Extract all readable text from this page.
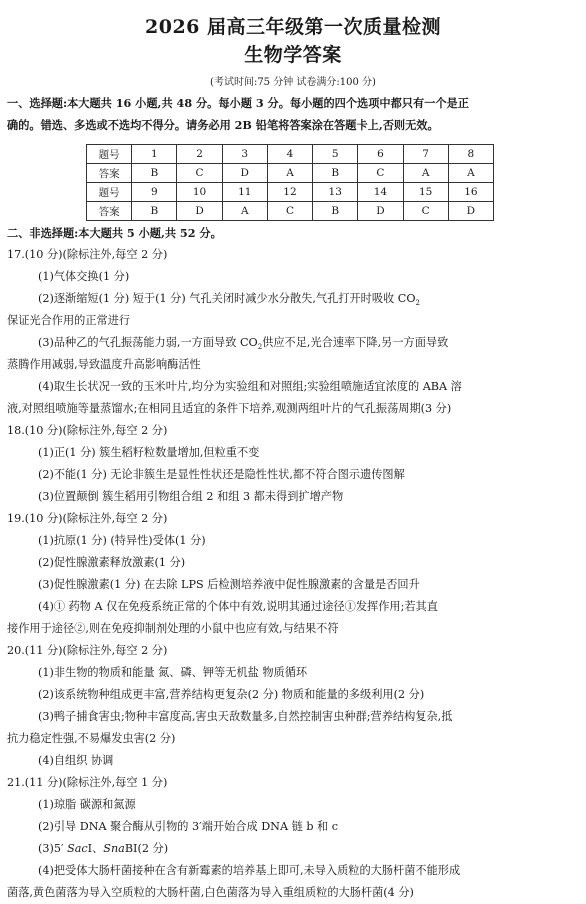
2026 届高三年级第一次质量检测
生物学答案
(考试时间:75 分钟 试卷满分:100 分)
一、选择题:本大题共 16 小题,共 48 分。每小题 3 分。每小题的四个选项中都只有一个是正
确的。错选、多选或不选均不得分。请务必用 2B 铅笔将答案涂在答题卡上,否则无效。
题号	1	2	3	4	5	6	7	8
答案	B	C	D	A	B	C	A	A
题号	9	10	11	12	13	14	15	16
答案	B	D	A	C	B	D	C	D
二、非选择题:本大题共 5 小题,共 52 分。
17.(10 分)(除标注外,每空 2 分)
(1)气体交换(1 分)
(2)逐渐缩短(1 分) 短于(1 分) 气孔关闭时减少水分散失,气孔打开时吸收 $CO_2$
保证光合作用的正常进行
(3)品种乙的气孔振荡能力弱,一方面导致 $CO_2$供应不足,光合速率下降,另一方面导致
蒸腾作用减弱,导致温度升高影响酶活性
(4)取生长状况一致的玉米叶片,均分为实验组和对照组;实验组喷施适宜浓度的 ABA 溶
液,对照组喷施等量蒸馏水;在相同且适宜的条件下培养,观测两组叶片的气孔振荡周期(3 分)
18.(10 分)(除标注外,每空 2 分)
(1)正(1 分) 簇生稻籽粒数量增加,但粒重不变
(2)不能(1 分) 无论非簇生是显性性状还是隐性性状,都不符合图示遗传图解
(3)位置颠倒 簇生稻用引物组合组 2 和组 3 都未得到扩增产物
19.(10 分)(除标注外,每空 2 分)
(1)抗原(1 分) (特异性)受体(1 分)
(2)促性腺激素释放激素(1 分)
(3)促性腺激素(1 分) 在去除 LPS 后检测培养液中促性腺激素的含量是否回升
(4)① 药物 A 仅在免疫系统正常的个体中有效,说明其通过途径①发挥作用;若其直
接作用于途径②,则在免疫抑制剂处理的小鼠中也应有效,与结果不符
20.(11 分)(除标注外,每空 2 分)
(1)非生物的物质和能量 氮、磷、钾等无机盐 物质循环
(2)该系统物种组成更丰富,营养结构更复杂(2 分) 物质和能量的多级利用(2 分)
(3)鸭子捕食害虫;物种丰富度高,害虫天敌数量多,自然控制害虫种群;营养结构复杂,抵
抗力稳定性强,不易爆发虫害(2 分)
(4)自组织 协调
21.(11 分)(除标注外,每空 1 分)
(1)琼脂 碳源和氮源
(2)引导 DNA 聚合酶从引物的 3′端开始合成 DNA 链 b 和 c
(3)5′ SacⅠ、SnaBⅠ(2 分)
(4)把受体大肠杆菌接种在含有新霉素的培养基上即可,未导入质粒的大肠杆菌不能形成
菌落,黄色菌落为导入空质粒的大肠杆菌,白色菌落为导入重组质粒的大肠杆菌(4 分)
